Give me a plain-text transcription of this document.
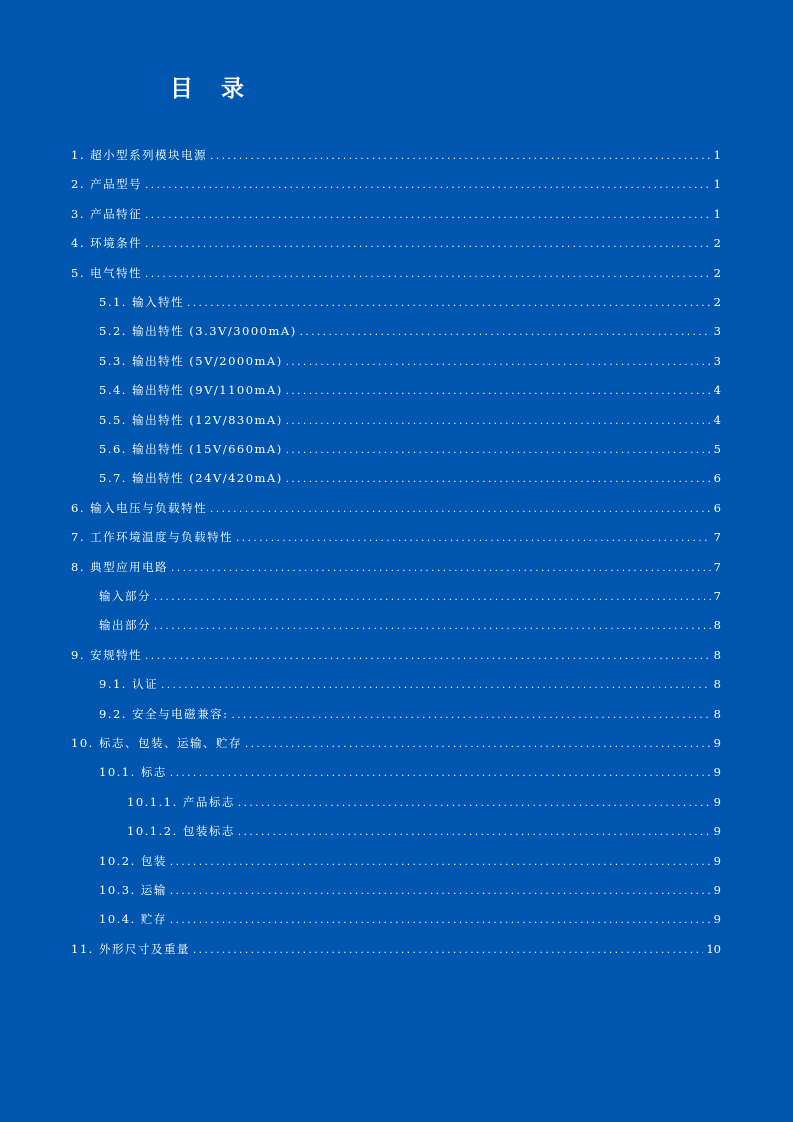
目 录
1. 超小型系列模块电源 .....	1
2. 产品型号 .....	1
3. 产品特征 .....	1
4. 环境条件 .....	2
5. 电气特性 .....	2
5.1. 输入特性 .....	2
5.2. 输出特性 (3.3V/3000mA) .....	3
5.3. 输出特性 (5V/2000mA) .....	3
5.4. 输出特性 (9V/1100mA) .....	4
5.5. 输出特性 (12V/830mA) .....	4
5.6. 输出特性 (15V/660mA) .....	5
5.7. 输出特性 (24V/420mA) .....	6
6. 输入电压与负载特性 .....	6
7. 工作环境温度与负载特性 .....	7
8. 典型应用电路 .....	7
输入部分 .....	7
输出部分 .....	8
9. 安规特性 .....	8
9.1. 认证 .....	8
9.2. 安全与电磁兼容: .....	8
10. 标志、包装、运输、贮存 .....	9
10.1. 标志 .....	9
10.1.1. 产品标志 .....	9
10.1.2. 包装标志 .....	9
10.2. 包装 .....	9
10.3. 运输 .....	9
10.4. 贮存 .....	9
11. 外形尺寸及重量 .....	10
